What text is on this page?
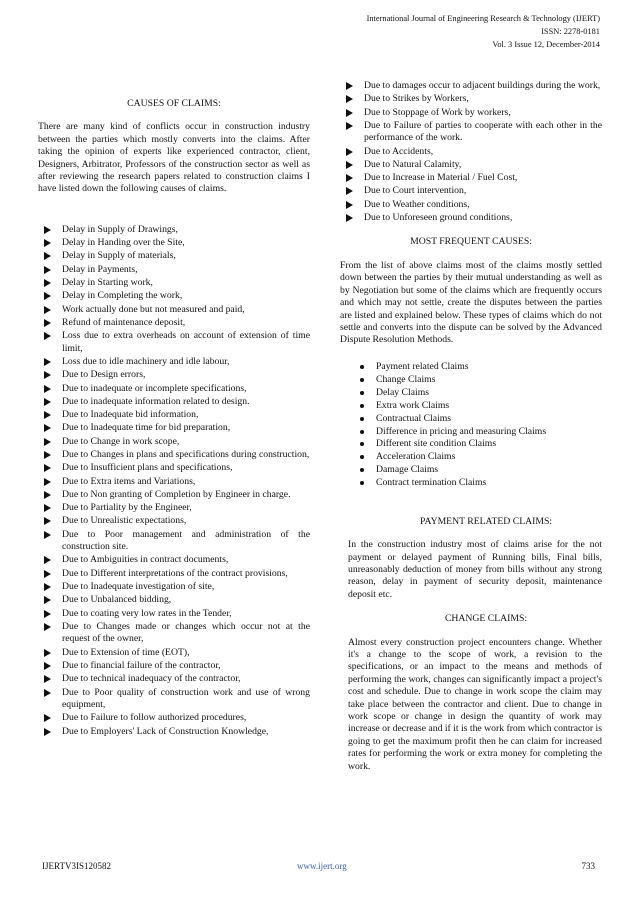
International Journal of Engineering Research & Technology (IJERT)
ISSN: 2278-0181
Vol. 3 Issue 12, December-2014
CAUSES OF CLAIMS:

There are many kind of conflicts occur in construction industry between the parties which mostly converts into the claims. After taking the opinion of experts like experienced contractor, client, Designers, Arbitrator, Professors of the construction sector as well as after reviewing the research papers related to construction claims I have listed down the following causes of claims.

Delay in Supply of Drawings,
Delay in Handing over the Site,
Delay in Supply of materials,
Delay in Payments,
Delay in Starting work,
Delay in Completing the work,
Work actually done but not measured and paid,
Refund of maintenance deposit,
Loss due to extra overheads on account of extension of time limit,
Loss due to idle machinery and idle labour,
Due to Design errors,
Due to inadequate or incomplete specifications,
Due to inadequate information related to design.
Due to Inadequate bid information,
Due to Inadequate time for bid preparation,
Due to Change in work scope,
Due to Changes in plans and specifications during construction,
Due to Insufficient plans and specifications,
Due to Extra items and Variations,
Due to Non granting of Completion by Engineer in charge.
Due to Partiality by the Engineer,
Due to Unrealistic expectations,
Due to Poor management and administration of the construction site.
Due to Ambiguities in contract documents,
Due to Different interpretations of the contract provisions,
Due to Inadequate investigation of site,
Due to Unbalanced bidding,
Due to coating very low rates in the Tender,
Due to Changes made or changes which occur not at the request of the owner,
Due to Extension of time (EOT),
Due to financial failure of the contractor,
Due to technical inadequacy of the contractor,
Due to Poor quality of construction work and use of wrong equipment,
Due to Failure to follow authorized procedures,
Due to Employers' Lack of Construction Knowledge,
Due to damages occur to adjacent buildings during the work,
Due to Strikes by Workers,
Due to Stoppage of Work by workers,
Due to Failure of parties to cooperate with each other in the performance of the work.
Due to Accidents,
Due to Natural Calamity,
Due to Increase in Material / Fuel Cost,
Due to Court intervention,
Due to Weather conditions,
Due to Unforeseen ground conditions,
MOST FREQUENT CAUSES:

From the list of above claims most of the claims mostly settled down between the parties by their mutual understanding as well as by Negotiation but some of the claims which are frequently occurs and which may not settle, create the disputes between the parties are listed and explained below. These types of claims which do not settle and converts into the dispute can be solved by the Advanced Dispute Resolution Methods.

Payment related Claims
Change Claims
Delay Claims
Extra work Claims
Contractual Claims
Difference in pricing and measuring Claims
Different site condition Claims
Acceleration Claims
Damage Claims
Contract termination Claims
PAYMENT RELATED CLAIMS:

In the construction industry most of claims arise for the not payment or delayed payment of Running bills, Final bills, unreasonably deduction of money from bills without any strong reason, delay in payment of security deposit, maintenance deposit etc.

CHANGE CLAIMS:

Almost every construction project encounters change. Whether it's a change to the scope of work, a revision to the specifications, or an impact to the means and methods of performing the work, changes can significantly impact a project's cost and schedule. Due to change in work scope the claim may take place between the contractor and client. Due to change in work scope or change in design the quantity of work may increase or decrease and if it is the work from which contractor is going to get the maximum profit then he can claim for increased rates for performing the work or extra money for completing the work.

IJERTV3IS120582	www.ijert.org	733
